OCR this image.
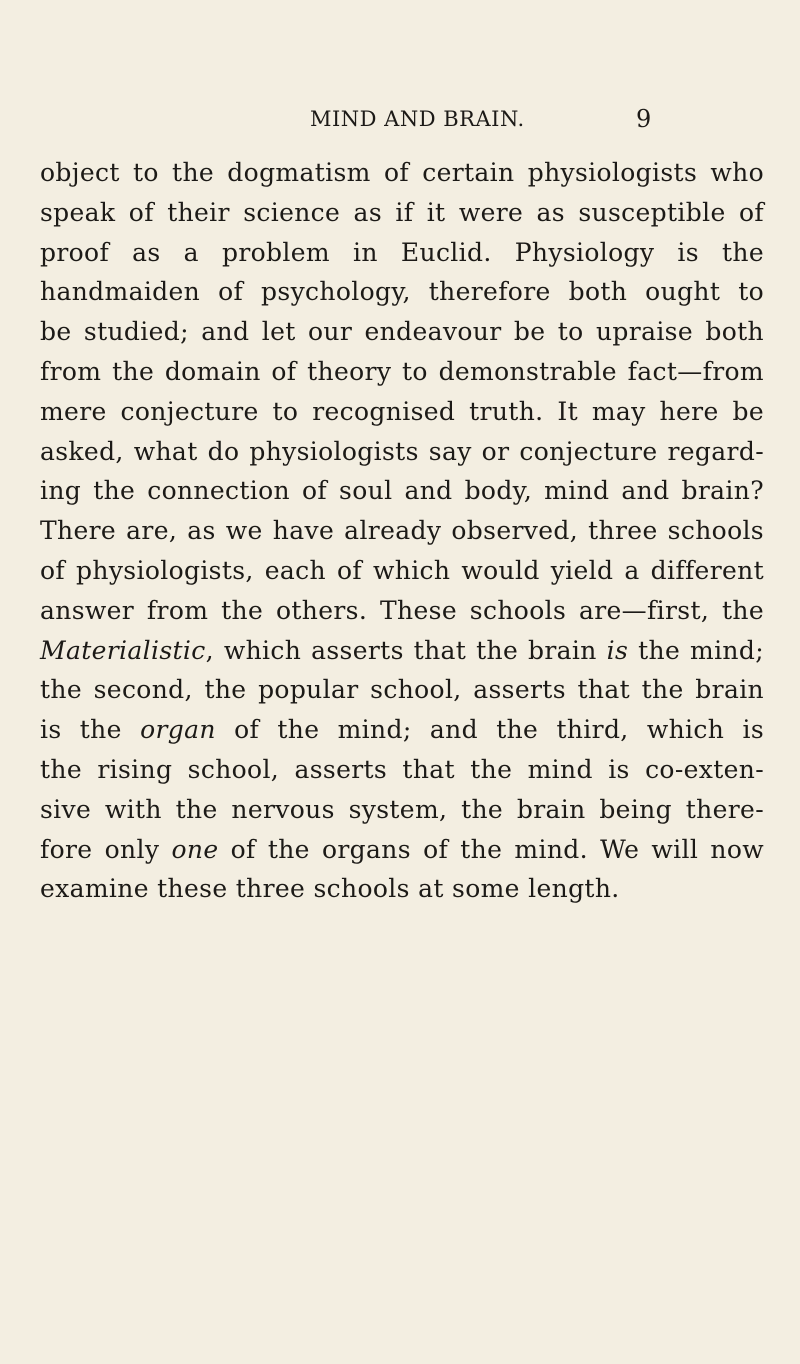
MIND AND BRAIN.	9
object to the dogmatism of certain physiologists who
speak of their science as if it were as susceptible of
proof as a problem in Euclid. Physiology is the
handmaiden of psychology, therefore both ought to
be studied; and let our endeavour be to upraise both
from the domain of theory to demonstrable fact—from
mere conjecture to recognised truth. It may here be
asked, what do physiologists say or conjecture regard-
ing the connection of soul and body, mind and brain?
There are, as we have already observed, three schools
of physiologists, each of which would yield a different
answer from the others. These schools are—first, the
Materialistic, which asserts that the brain is the mind;
the second, the popular school, asserts that the brain
is the organ of the mind; and the third, which is
the rising school, asserts that the mind is co-exten-
sive with the nervous system, the brain being there-
fore only one of the organs of the mind. We will now
examine these three schools at some length.
